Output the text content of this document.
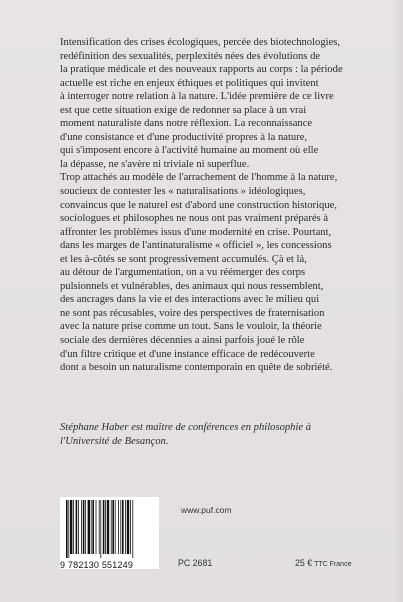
Intensification des crises écologiques, percée des biotechnologies,
redéfinition des sexualités, perplexités nées des évolutions de
la pratique médicale et des nouveaux rapports au corps : la période
actuelle est riche en enjeux éthiques et politiques qui invitent
à interroger notre relation à la nature. L'idée première de ce livre
est que cette situation exige de redonner sa place à un vrai
moment naturaliste dans notre réflexion. La reconnaissance
d'une consistance et d'une productivité propres à la nature,
qui s'imposent encore à l'activité humaine au moment où elle
la dépasse, ne s'avère ni triviale ni superflue.
Trop attachés au modèle de l'arrachement de l'homme à la nature,
soucieux de contester les « naturalisations » idéologiques,
convaincus que le naturel est d'abord une construction historique,
sociologues et philosophes ne nous ont pas vraiment préparés à
affronter les problèmes issus d'une modernité en crise. Pourtant,
dans les marges de l'antinaturalisme « officiel », les concessions
et les à-côtés se sont progressivement accumulés. Çà et là,
au détour de l'argumentation, on a vu réémerger des corps
pulsionnels et vulnérables, des animaux qui nous ressemblent,
des ancrages dans la vie et des interactions avec le milieu qui
ne sont pas récusables, voire des perspectives de fraternisation
avec la nature prise comme un tout. Sans le vouloir, la théorie
sociale des dernières décennies a ainsi parfois joué le rôle
d'un filtre critique et d'une instance efficace de redécouverte
dont a besoin un naturalisme contemporain en quête de sobriété.
Stéphane Haber est maître de conférences en philosophie à
l'Université de Besançon.
9 782130 551249
www.puf.com
PC 2681	25 € TTC France
